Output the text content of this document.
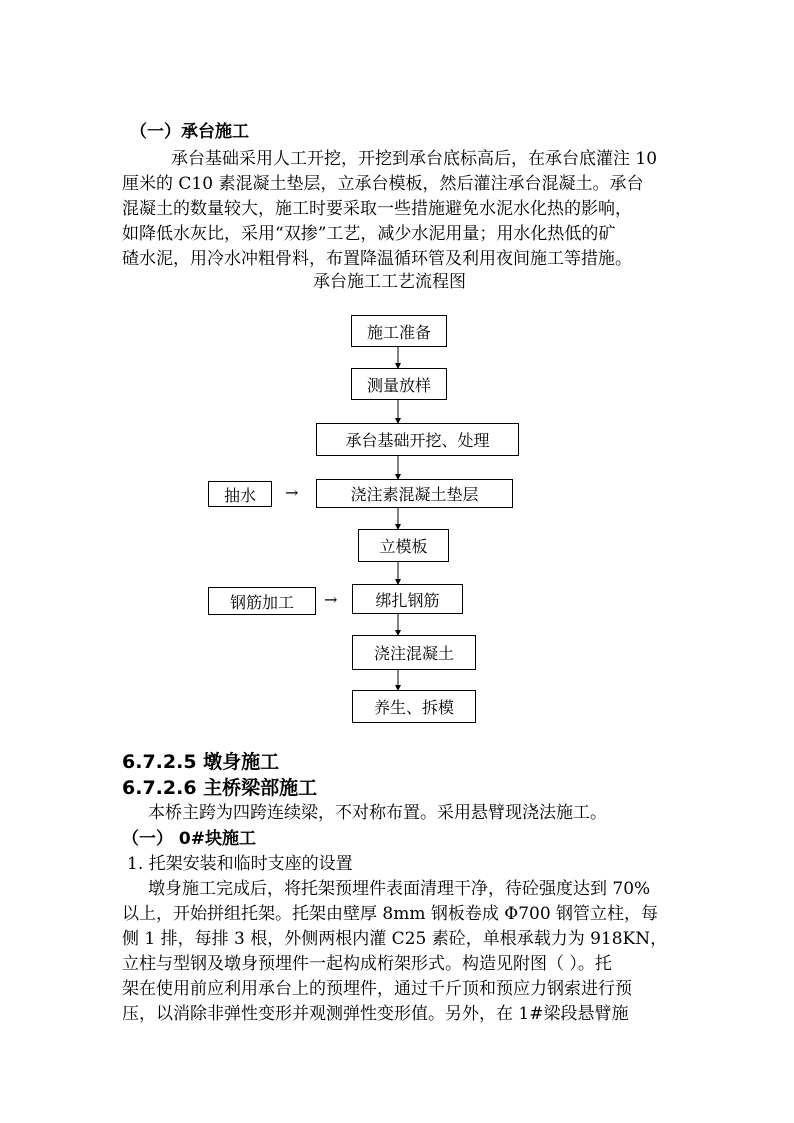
（一）承台施工
承台基础采用人工开挖，开挖到承台底标高后，在承台底灌注 10
厘米的 C10 素混凝土垫层，立承台模板，然后灌注承台混凝土。承台
混凝土的数量较大，施工时要采取一些措施避免水泥水化热的影响，
如降低水灰比，采用“双掺”工艺，减少水泥用量；用水化热低的矿
碴水泥，用冷水冲粗骨料，布置降温循环管及利用夜间施工等措施。
承台施工工艺流程图
施工准备
测量放样
承台基础开挖、处理
浇注素混凝土垫层
立模板
绑扎钢筋
浇注混凝土
养生、拆模
抽水	→
钢筋加工	→
6.7.2.5 墩身施工
6.7.2.6 主桥梁部施工
本桥主跨为四跨连续梁，不对称布置。采用悬臂现浇法施工。
（一） 0#块施工
1. 托架安装和临时支座的设置
墩身施工完成后，将托架预埋件表面清理干净，待砼强度达到 70%
以上，开始拼组托架。托架由壁厚 8mm 钢板卷成 Φ700 钢管立柱，每
侧 1 排，每排 3 根，外侧两根内灌 C25 素砼，单根承载力为 918KN，
立柱与型钢及墩身预埋件一起构成桁架形式。构造见附图（ ）。托
架在使用前应利用承台上的预埋件，通过千斤顶和预应力钢索进行预
压，以消除非弹性变形并观测弹性变形值。另外，在 1#梁段悬臂施
